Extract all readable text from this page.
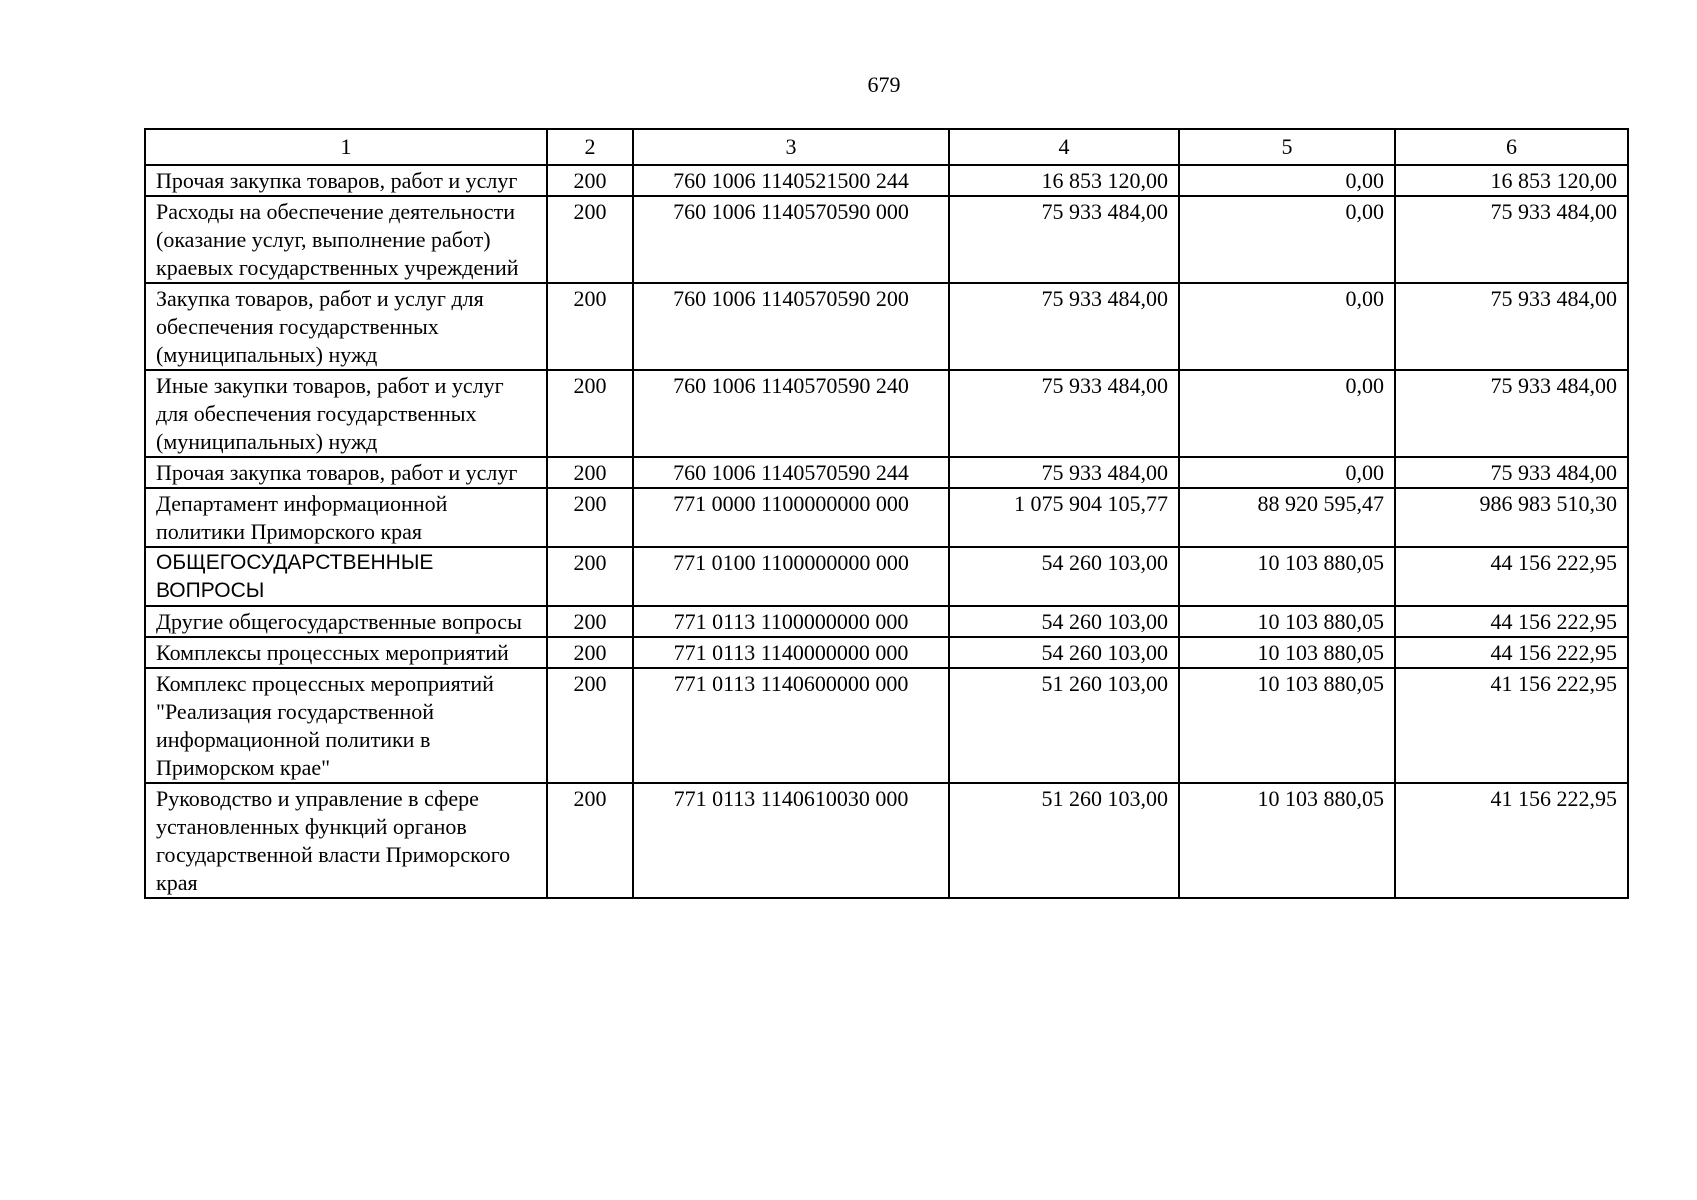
679
1	2	3	4	5	6
Прочая закупка товаров, работ и услуг	200	760 1006 1140521500 244	16 853 120,00	0,00	16 853 120,00
Расходы на обеспечение деятельности (оказание услуг, выполнение работ) краевых государственных учреждений	200	760 1006 1140570590 000	75 933 484,00	0,00	75 933 484,00
Закупка товаров, работ и услуг для обеспечения государственных (муниципальных) нужд	200	760 1006 1140570590 200	75 933 484,00	0,00	75 933 484,00
Иные закупки товаров, работ и услуг для обеспечения государственных (муниципальных) нужд	200	760 1006 1140570590 240	75 933 484,00	0,00	75 933 484,00
Прочая закупка товаров, работ и услуг	200	760 1006 1140570590 244	75 933 484,00	0,00	75 933 484,00
Департамент информационной политики Приморского края	200	771 0000 1100000000 000	1 075 904 105,77	88 920 595,47	986 983 510,30
ОБЩЕГОСУДАРСТВЕННЫЕ ВОПРОСЫ	200	771 0100 1100000000 000	54 260 103,00	10 103 880,05	44 156 222,95
Другие общегосударственные вопросы	200	771 0113 1100000000 000	54 260 103,00	10 103 880,05	44 156 222,95
Комплексы процессных мероприятий	200	771 0113 1140000000 000	54 260 103,00	10 103 880,05	44 156 222,95
Комплекс процессных мероприятий "Реализация государственной информационной политики в Приморском крае"	200	771 0113 1140600000 000	51 260 103,00	10 103 880,05	41 156 222,95
Руководство и управление в сфере установленных функций органов государственной власти Приморского края	200	771 0113 1140610030 000	51 260 103,00	10 103 880,05	41 156 222,95
